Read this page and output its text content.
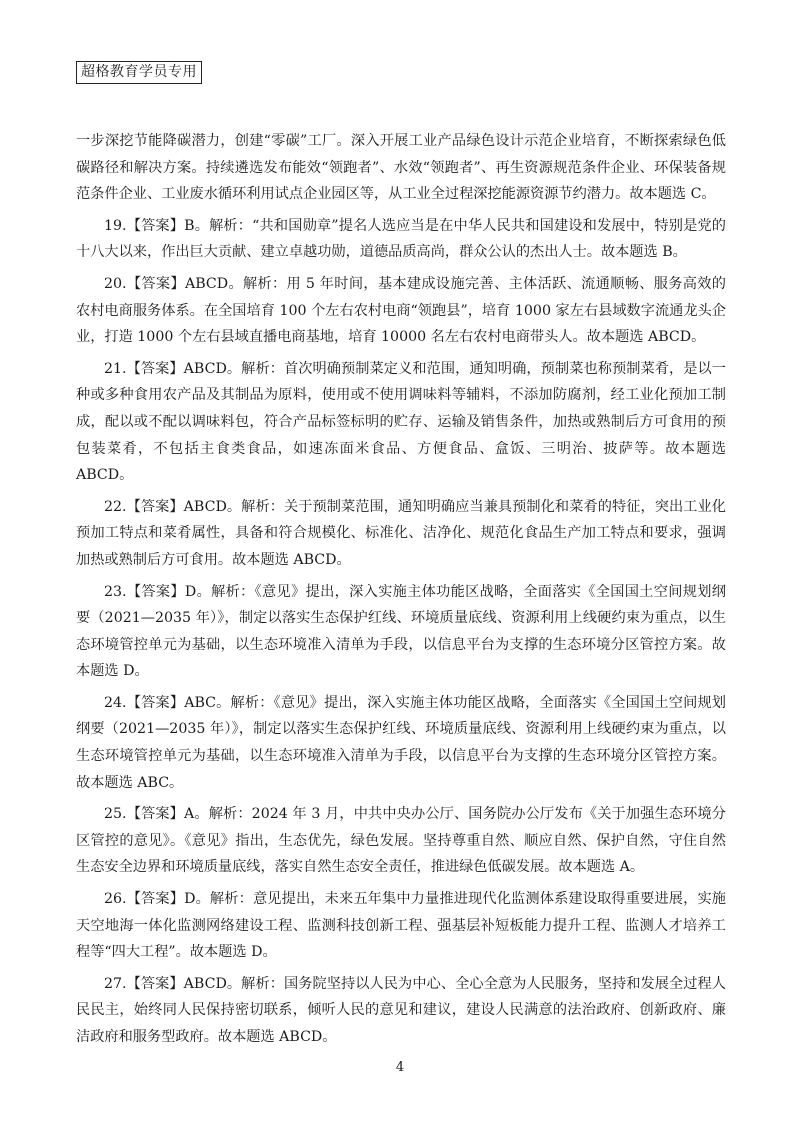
超格教育学员专用

一步深挖节能降碳潜力，创建“零碳”工厂。深入开展工业产品绿色设计示范企业培育，不断探索绿色低碳路径和解决方案。持续遴选发布能效“领跑者”、水效“领跑者”、再生资源规范条件企业、环保装备规范条件企业、工业废水循环利用试点企业园区等，从工业全过程深挖能源资源节约潜力。故本题选 C。

19.【答案】B。解析：“共和国勋章”提名人选应当是在中华人民共和国建设和发展中，特别是党的十八大以来，作出巨大贡献、建立卓越功勋，道德品质高尚，群众公认的杰出人士。故本题选 B。

20.【答案】ABCD。解析：用 5 年时间，基本建成设施完善、主体活跃、流通顺畅、服务高效的农村电商服务体系。在全国培育 100 个左右农村电商“领跑县”，培育 1000 家左右县域数字流通龙头企业，打造 1000 个左右县域直播电商基地，培育 10000 名左右农村电商带头人。故本题选 ABCD。

21.【答案】ABCD。解析：首次明确预制菜定义和范围，通知明确，预制菜也称预制菜肴，是以一种或多种食用农产品及其制品为原料，使用或不使用调味料等辅料，不添加防腐剂，经工业化预加工制成，配以或不配以调味料包，符合产品标签标明的贮存、运输及销售条件，加热或熟制后方可食用的预包装菜肴，不包括主食类食品，如速冻面米食品、方便食品、盒饭、三明治、披萨等。故本题选 ABCD。

22.【答案】ABCD。解析：关于预制菜范围，通知明确应当兼具预制化和菜肴的特征，突出工业化预加工特点和菜肴属性，具备和符合规模化、标准化、洁净化、规范化食品生产加工特点和要求，强调加热或熟制后方可食用。故本题选 ABCD。

23.【答案】D。解析：《意见》提出，深入实施主体功能区战略，全面落实《全国国土空间规划纲要（2021—2035 年）》，制定以落实生态保护红线、环境质量底线、资源利用上线硬约束为重点，以生态环境管控单元为基础，以生态环境准入清单为手段，以信息平台为支撑的生态环境分区管控方案。故本题选 D。

24.【答案】ABC。解析：《意见》提出，深入实施主体功能区战略，全面落实《全国国土空间规划纲要（2021—2035 年）》，制定以落实生态保护红线、环境质量底线、资源利用上线硬约束为重点，以生态环境管控单元为基础，以生态环境准入清单为手段，以信息平台为支撑的生态环境分区管控方案。故本题选 ABC。

25.【答案】A。解析：2024 年 3 月，中共中央办公厅、国务院办公厅发布《关于加强生态环境分区管控的意见》。《意见》指出，生态优先，绿色发展。坚持尊重自然、顺应自然、保护自然，守住自然生态安全边界和环境质量底线，落实自然生态安全责任，推进绿色低碳发展。故本题选 A。

26.【答案】D。解析：意见提出，未来五年集中力量推进现代化监测体系建设取得重要进展，实施天空地海一体化监测网络建设工程、监测科技创新工程、强基层补短板能力提升工程、监测人才培养工程等“四大工程”。故本题选 D。

27.【答案】ABCD。解析：国务院坚持以人民为中心、全心全意为人民服务，坚持和发展全过程人民民主，始终同人民保持密切联系，倾听人民的意见和建议，建设人民满意的法治政府、创新政府、廉洁政府和服务型政府。故本题选 ABCD。

4
